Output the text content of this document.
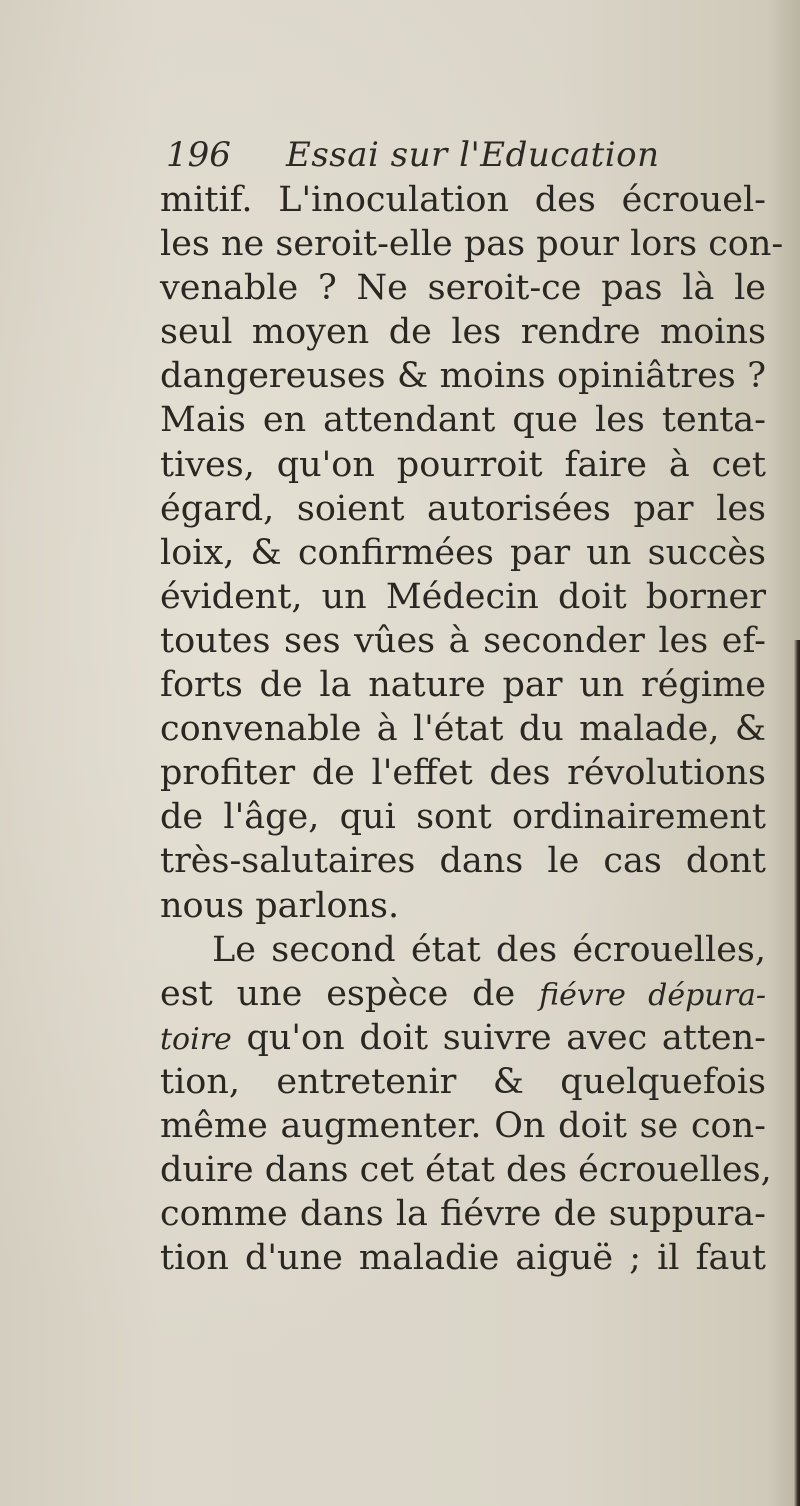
196 Essai sur l'Education
mitif. L'inoculation des écrouel-
les ne seroit-elle pas pour lors con-
venable ? Ne seroit-ce pas là le
seul moyen de les rendre moins
dangereuses & moins opiniâtres ?
Mais en attendant que les tenta-
tives, qu'on pourroit faire à cet
égard, soient autorisées par les
loix, & confirmées par un succès
évident, un Médecin doit borner
toutes ses vûes à seconder les ef-
forts de la nature par un régime
convenable à l'état du malade, &
profiter de l'effet des révolutions
de l'âge, qui sont ordinairement
très-salutaires dans le cas dont
nous parlons.
Le second état des écrouelles,
est une espèce de fiévre dépura-
toire qu'on doit suivre avec atten-
tion, entretenir & quelquefois
même augmenter. On doit se con-
duire dans cet état des écrouelles,
comme dans la fiévre de suppura-
tion d'une maladie aiguë ; il faut
